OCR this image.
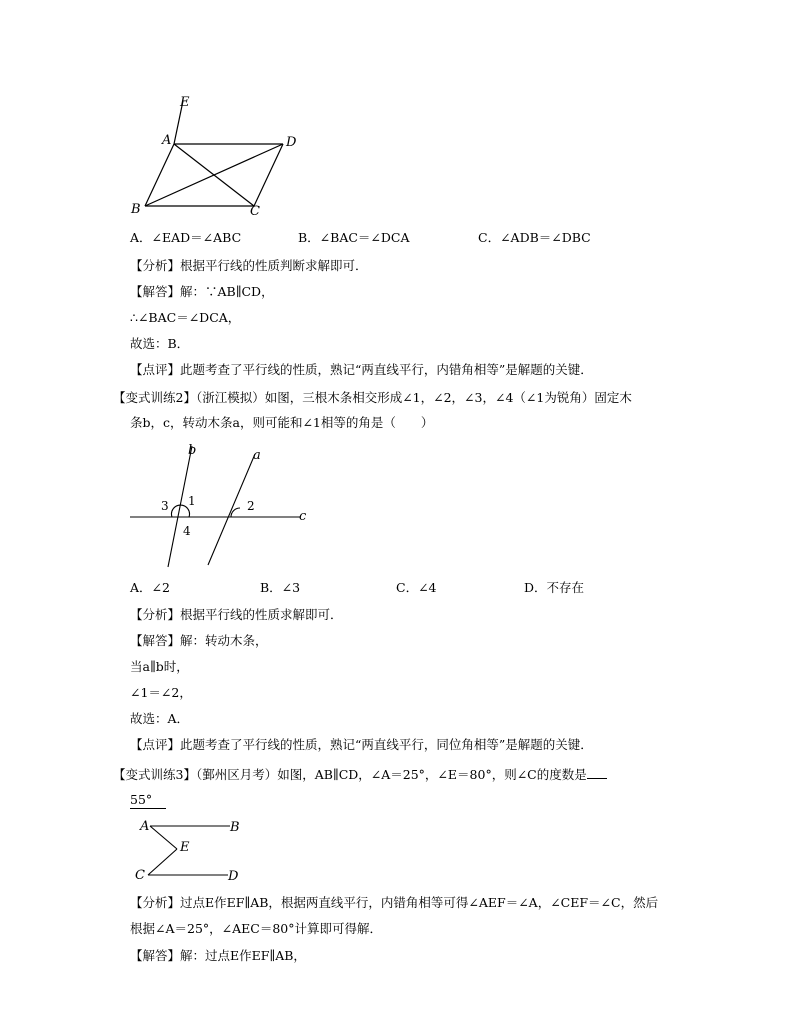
E
A	D
B	C
A．∠EAD＝∠ABC	B．∠BAC＝∠DCA	C．∠ADB＝∠DBC
【分析】根据平行线的性质判断求解即可．
【解答】解：∵AB∥CD，
∴∠BAC＝∠DCA，
故选：B．
【点评】此题考查了平行线的性质，熟记“两直线平行，内错角相等”是解题的关键．
【变式训练2】（浙江模拟）如图，三根木条相交形成∠1，∠2，∠3，∠4（∠1为锐角）固定木
条b，c，转动木条a，则可能和∠1相等的角是（　　）
b	a
c
3 1	2
4
A．∠2	B．∠3	C．∠4	D．不存在
【分析】根据平行线的性质求解即可．
【解答】解：转动木条，
当a∥b时，
∠1＝∠2，
故选：A．
【点评】此题考查了平行线的性质，熟记“两直线平行，同位角相等”是解题的关键．
【变式训练3】（鄞州区月考）如图，AB∥CD，∠A＝25°，∠E＝80°，则∠C的度数是
55°
A	B
E
C	D
【分析】过点E作EF∥AB，根据两直线平行，内错角相等可得∠AEF＝∠A，∠CEF＝∠C，然后
根据∠A＝25°，∠AEC＝80°计算即可得解．
【解答】解：过点E作EF∥AB，
